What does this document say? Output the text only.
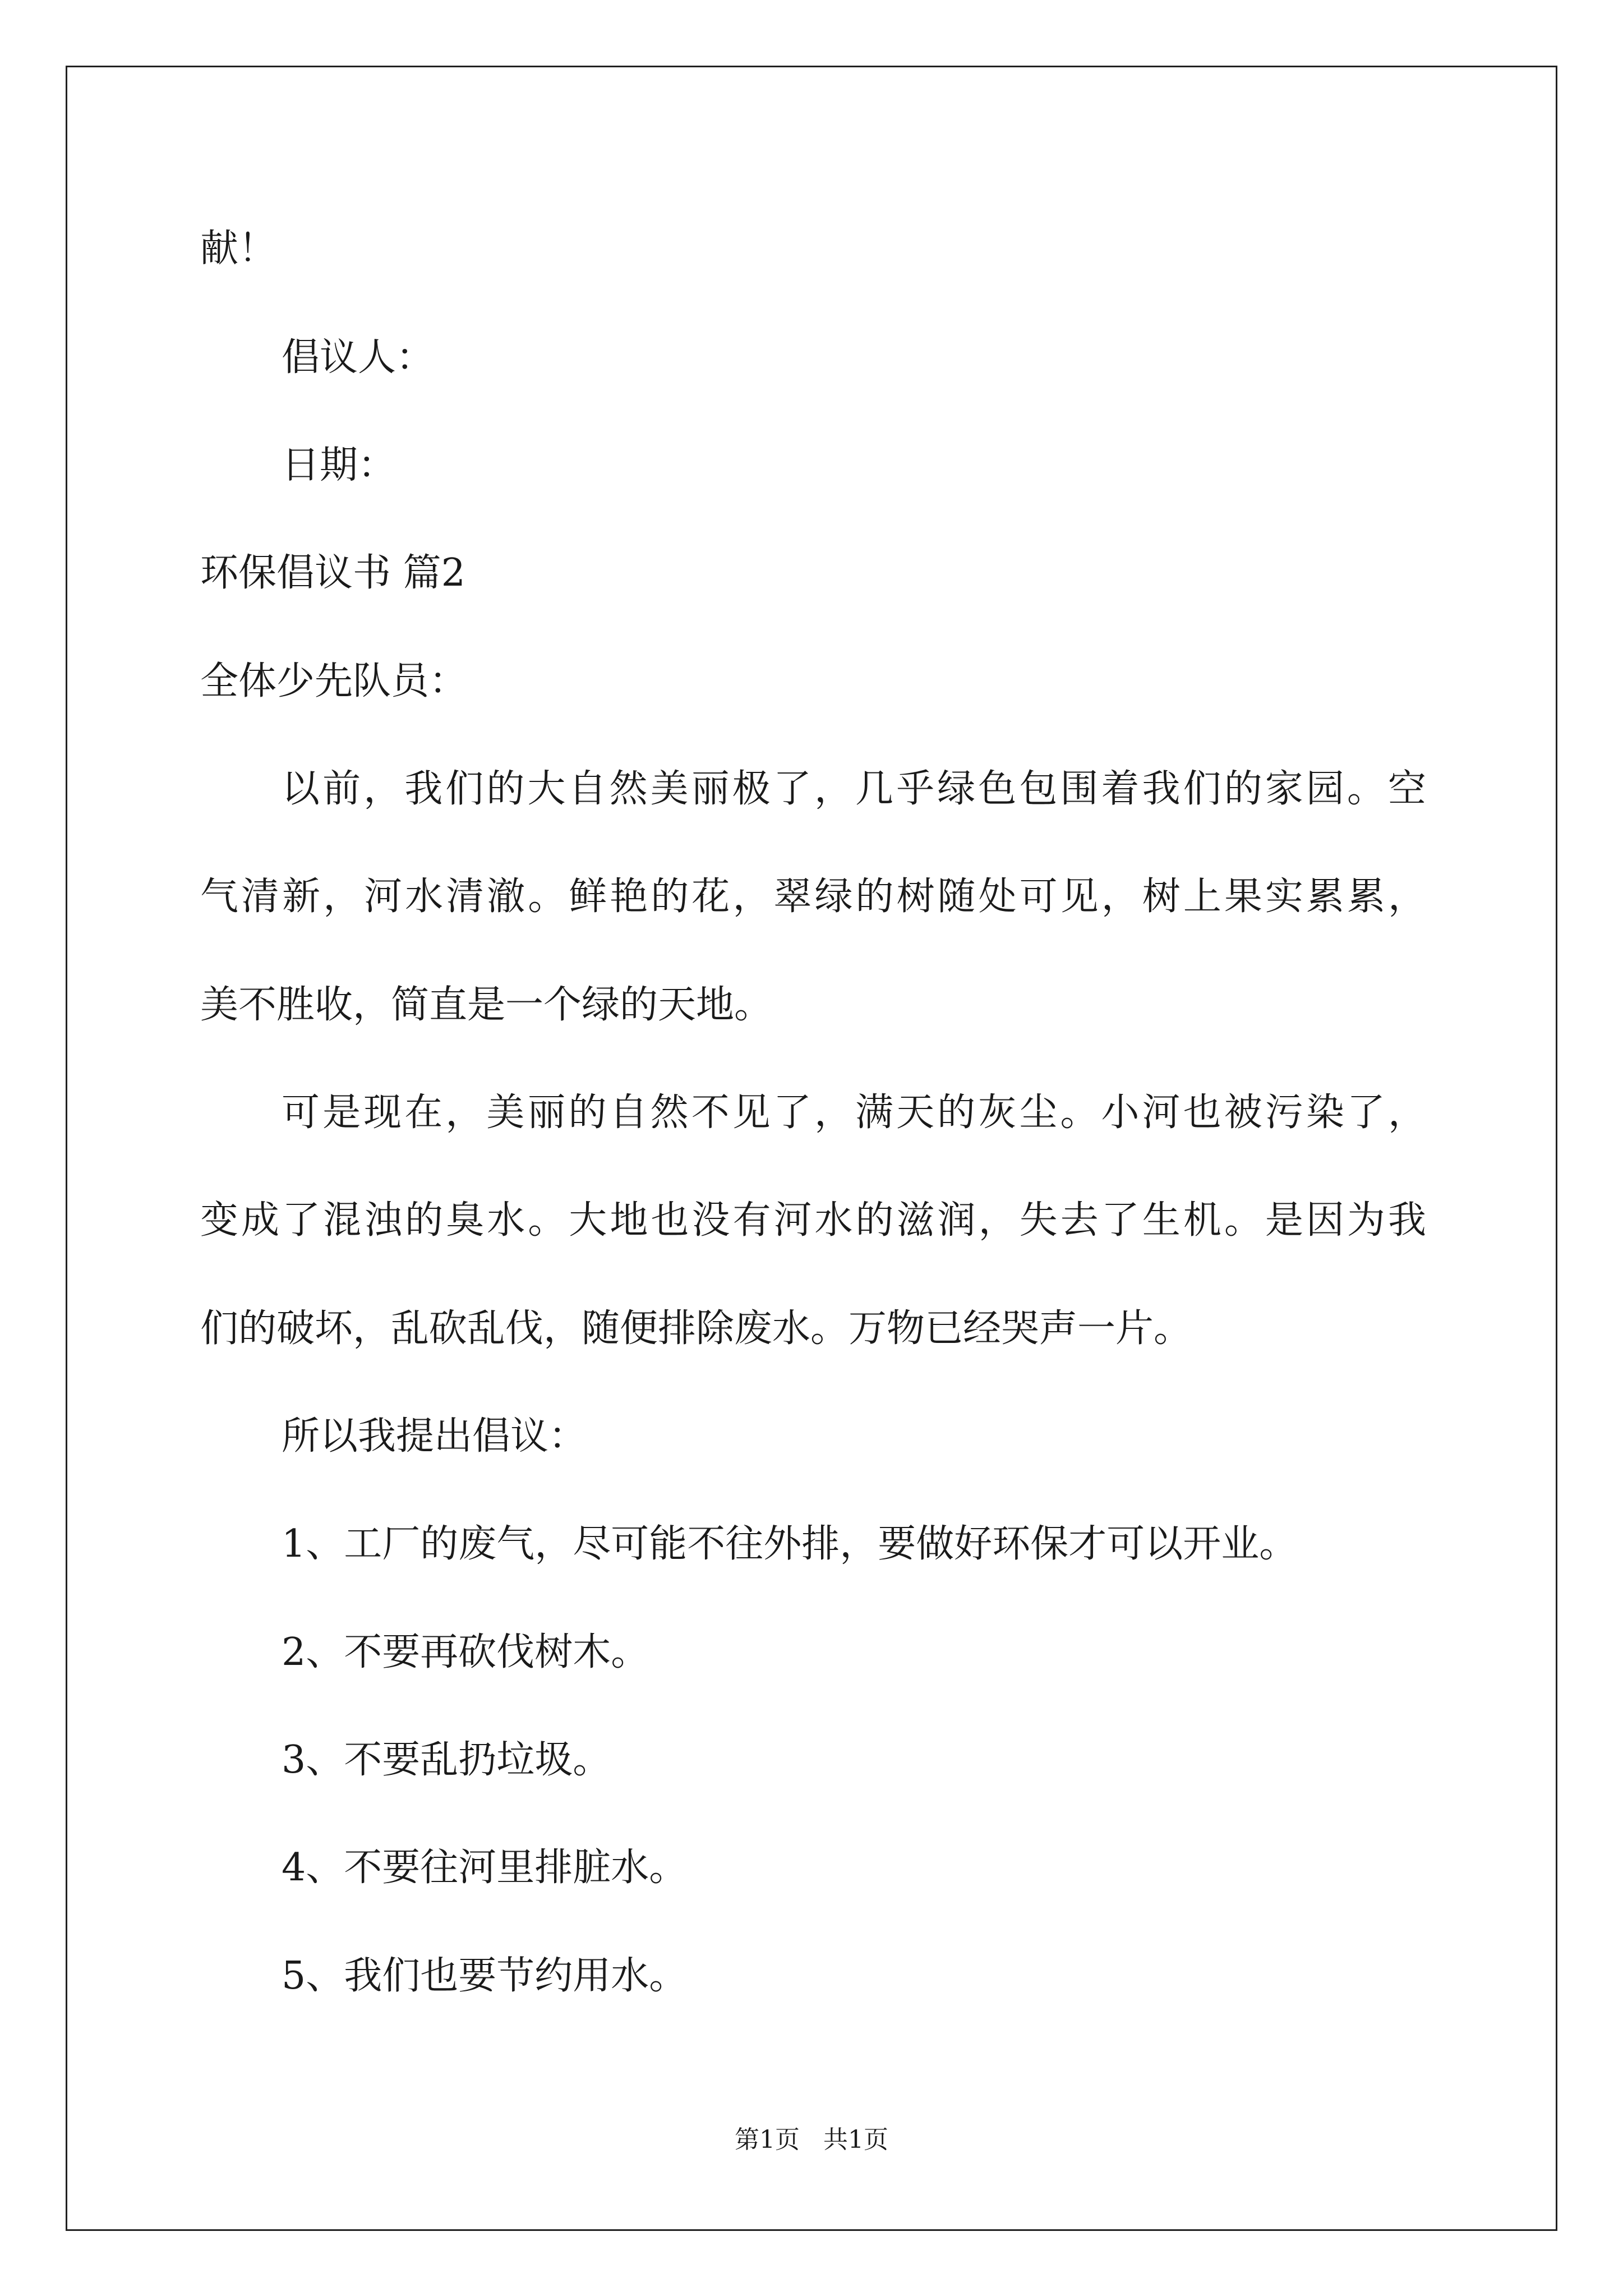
献！
倡议人：
日期：
环保倡议书 篇2
全体少先队员：
以前，我们的大自然美丽极了，几乎绿色包围着我们的家园。空
气清新，河水清澈。鲜艳的花，翠绿的树随处可见，树上果实累累，
美不胜收，简直是一个绿的天地。
可是现在，美丽的自然不见了，满天的灰尘。小河也被污染了，
变成了混浊的臭水。大地也没有河水的滋润，失去了生机。是因为我
们的破坏，乱砍乱伐，随便排除废水。万物已经哭声一片。
所以我提出倡议：
1、工厂的废气，尽可能不往外排，要做好环保才可以开业。
2、不要再砍伐树木。
3、不要乱扔垃圾。
4、不要往河里排脏水。
5、我们也要节约用水。
第1页   共1页
